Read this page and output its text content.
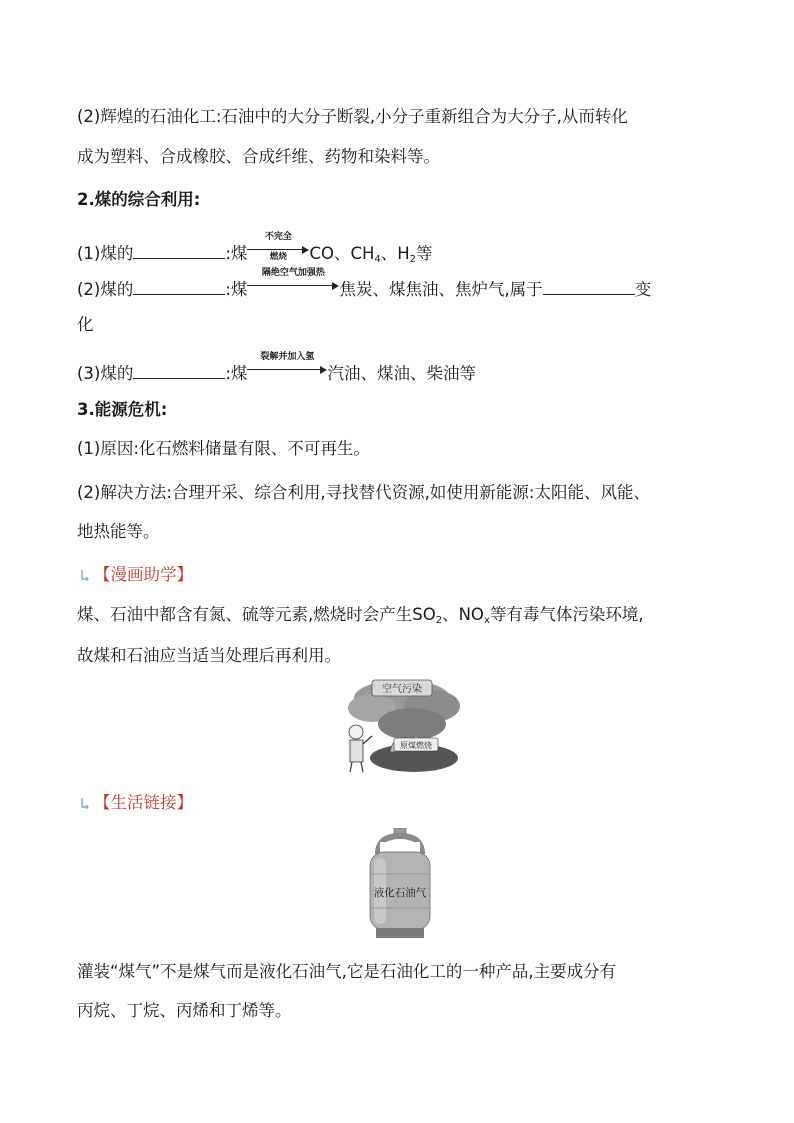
(2)辉煌的石油化工:石油中的大分子断裂,小分子重新组合为大分子,从而转化
成为塑料、合成橡胶、合成纤维、药物和染料等。
2.煤的综合利用:
(1)煤的	:煤
不完全
燃烧	CO、$CH_4$、$H_2$等
(2)煤的	:煤
隔绝空气加强热
焦炭、煤焦油、焦炉气,属于	变
化
(3)煤的	:煤
裂解并加入氢
汽油、煤油、柴油等
3.能源危机:
(1)原因:化石燃料储量有限、不可再生。
(2)解决方法:合理开采、综合利用,寻找替代资源,如使用新能源:太阳能、风能、
地热能等。
【漫画助学】
煤、石油中都含有氮、硫等元素,燃烧时会产生$SO_2$、$NO_x$等有毒气体污染环境,
故煤和石油应当适当处理后再利用。
空气污染
原煤燃烧
【生活链接】
液化石油气
灌装“煤气”不是煤气而是液化石油气,它是石油化工的一种产品,主要成分有
丙烷、丁烷、丙烯和丁烯等。
